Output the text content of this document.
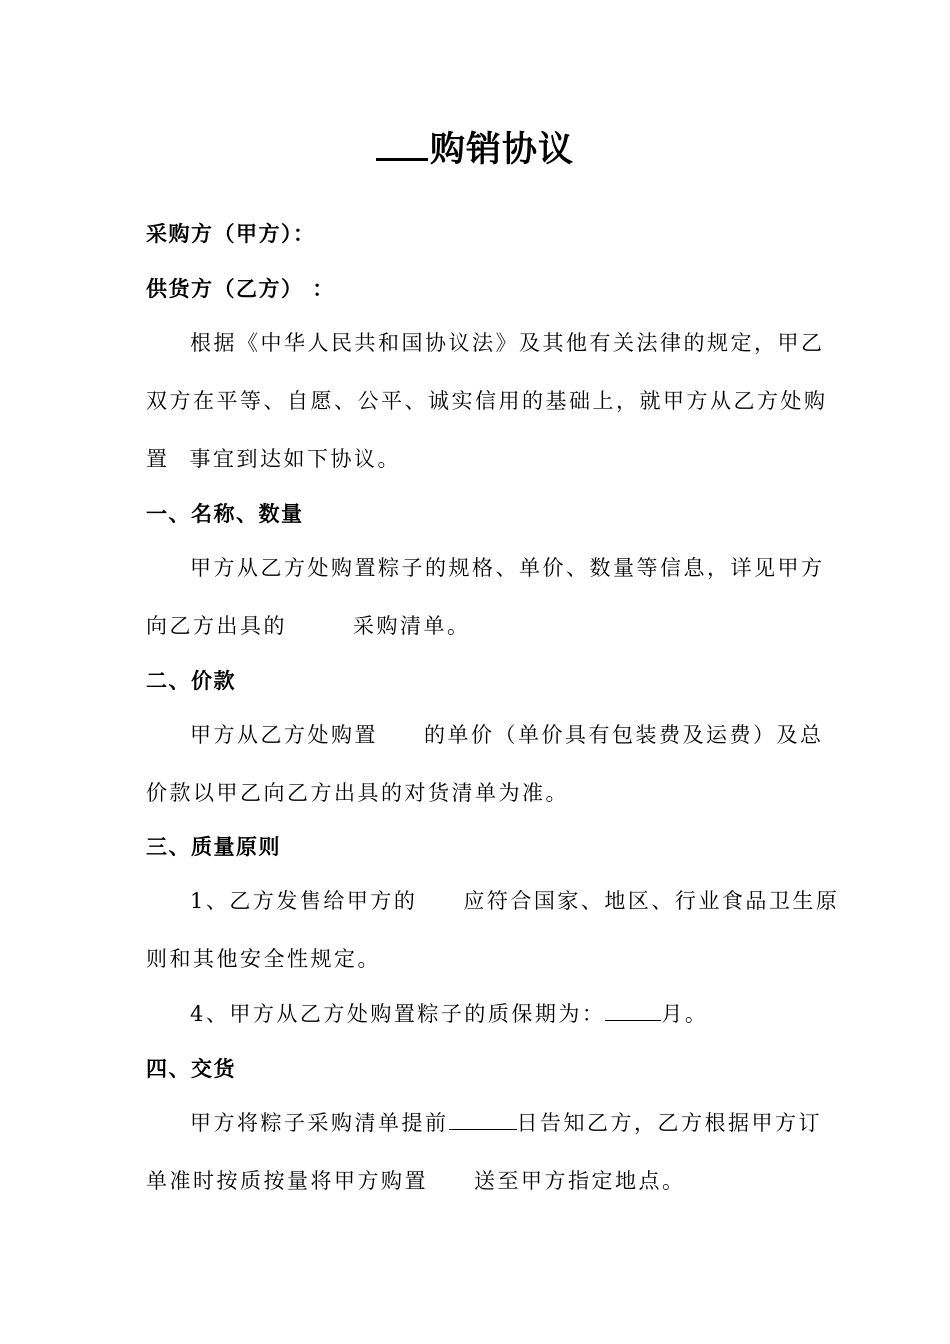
购销协议
采购方（甲方）：
供货方（乙方） ：
根据《中华人民共和国协议法》及其他有关法律的规定，甲乙
双方在平等、自愿、公平、诚实信用的基础上，就甲方从乙方处购
置 事宜到达如下协议。
一、名称、数量
甲方从乙方处购置粽子的规格、单价、数量等信息，详见甲方
向乙方出具的	采购清单。
二、价款
甲方从乙方处购置 的单价（单价具有包装费及运费）及总
价款以甲乙向乙方出具的对货清单为准。
三、质量原则
1、乙方发售给甲方的 应符合国家、地区、行业食品卫生原
则和其他安全性规定。
4、甲方从乙方处购置粽子的质保期为：	月。
四、交货
甲方将粽子采购清单提前	日告知乙方，乙方根据甲方订
单准时按质按量将甲方购置 送至甲方指定地点。
